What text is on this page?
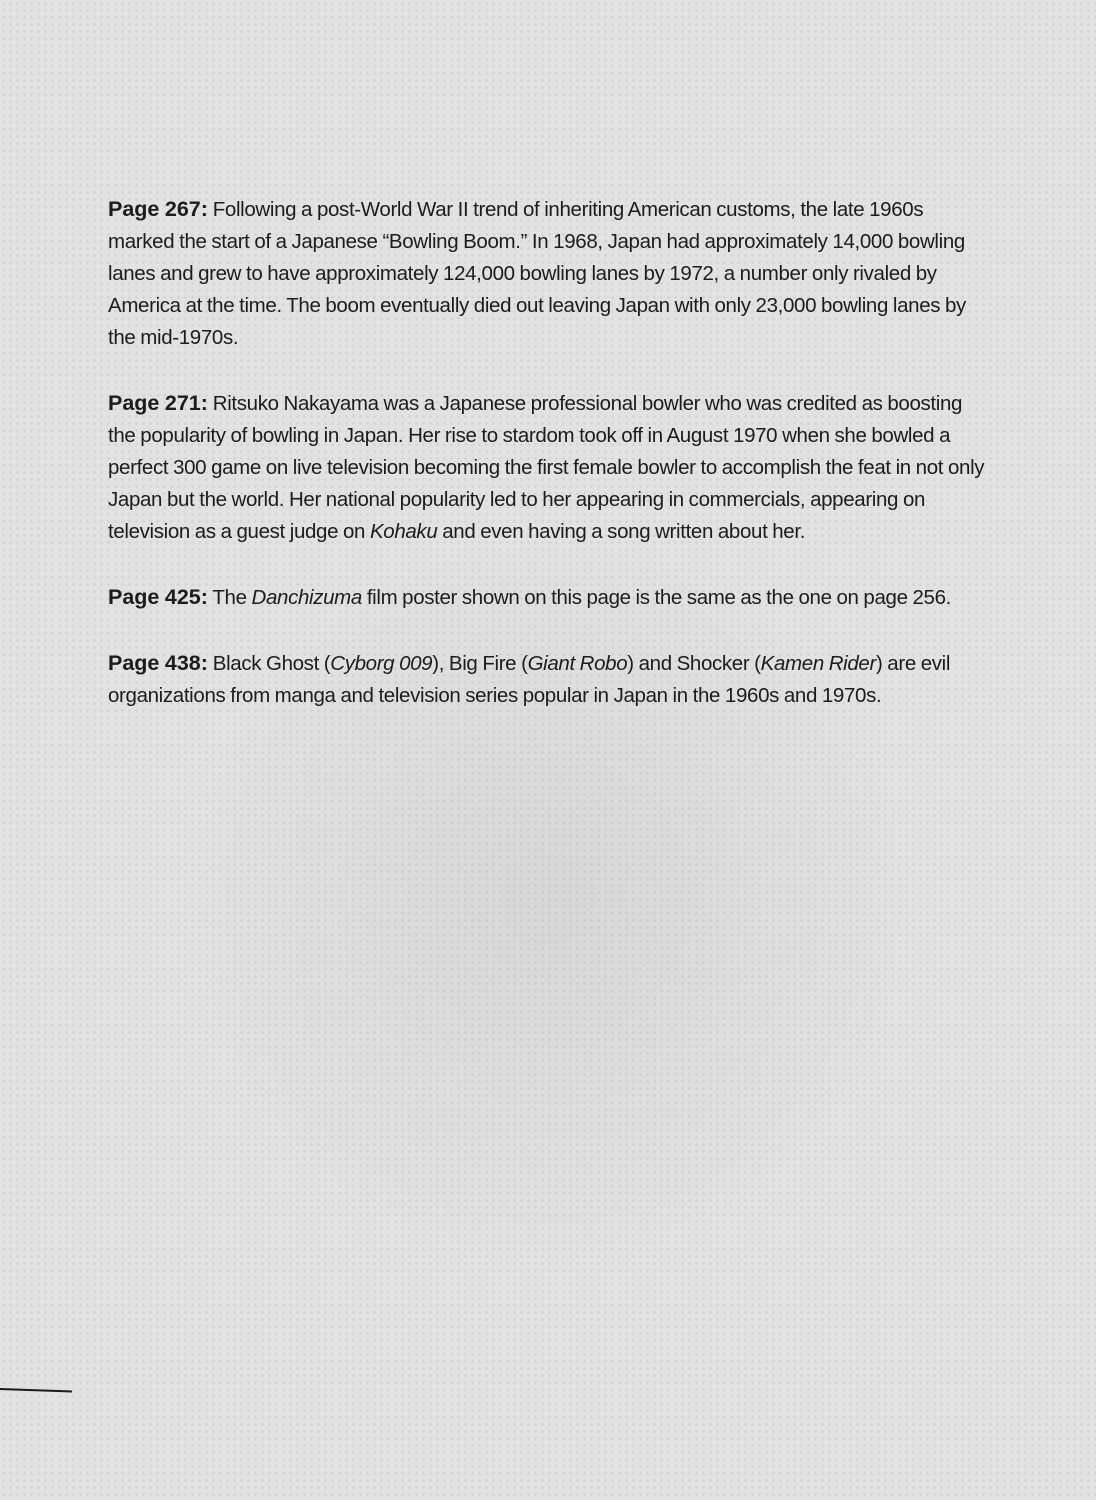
Page 267: Following a post-World War II trend of inheriting American customs, the late 1960s marked the start of a Japanese “Bowling Boom.” In 1968, Japan had approximately 14,000 bowling lanes and grew to have approximately 124,000 bowling lanes by 1972, a number only rivaled by America at the time. The boom eventually died out leaving Japan with only 23,000 bowling lanes by the mid-1970s.

Page 271: Ritsuko Nakayama was a Japanese professional bowler who was credited as boosting the popularity of bowling in Japan. Her rise to stardom took off in August 1970 when she bowled a perfect 300 game on live television becoming the first female bowler to accomplish the feat in not only Japan but the world. Her national popularity led to her appearing in commercials, appearing on television as a guest judge on Kohaku and even having a song written about her.

Page 425: The Danchizuma film poster shown on this page is the same as the one on page 256.

Page 438: Black Ghost (Cyborg 009), Big Fire (Giant Robo) and Shocker (Kamen Rider) are evil organizations from manga and television series popular in Japan in the 1960s and 1970s.
